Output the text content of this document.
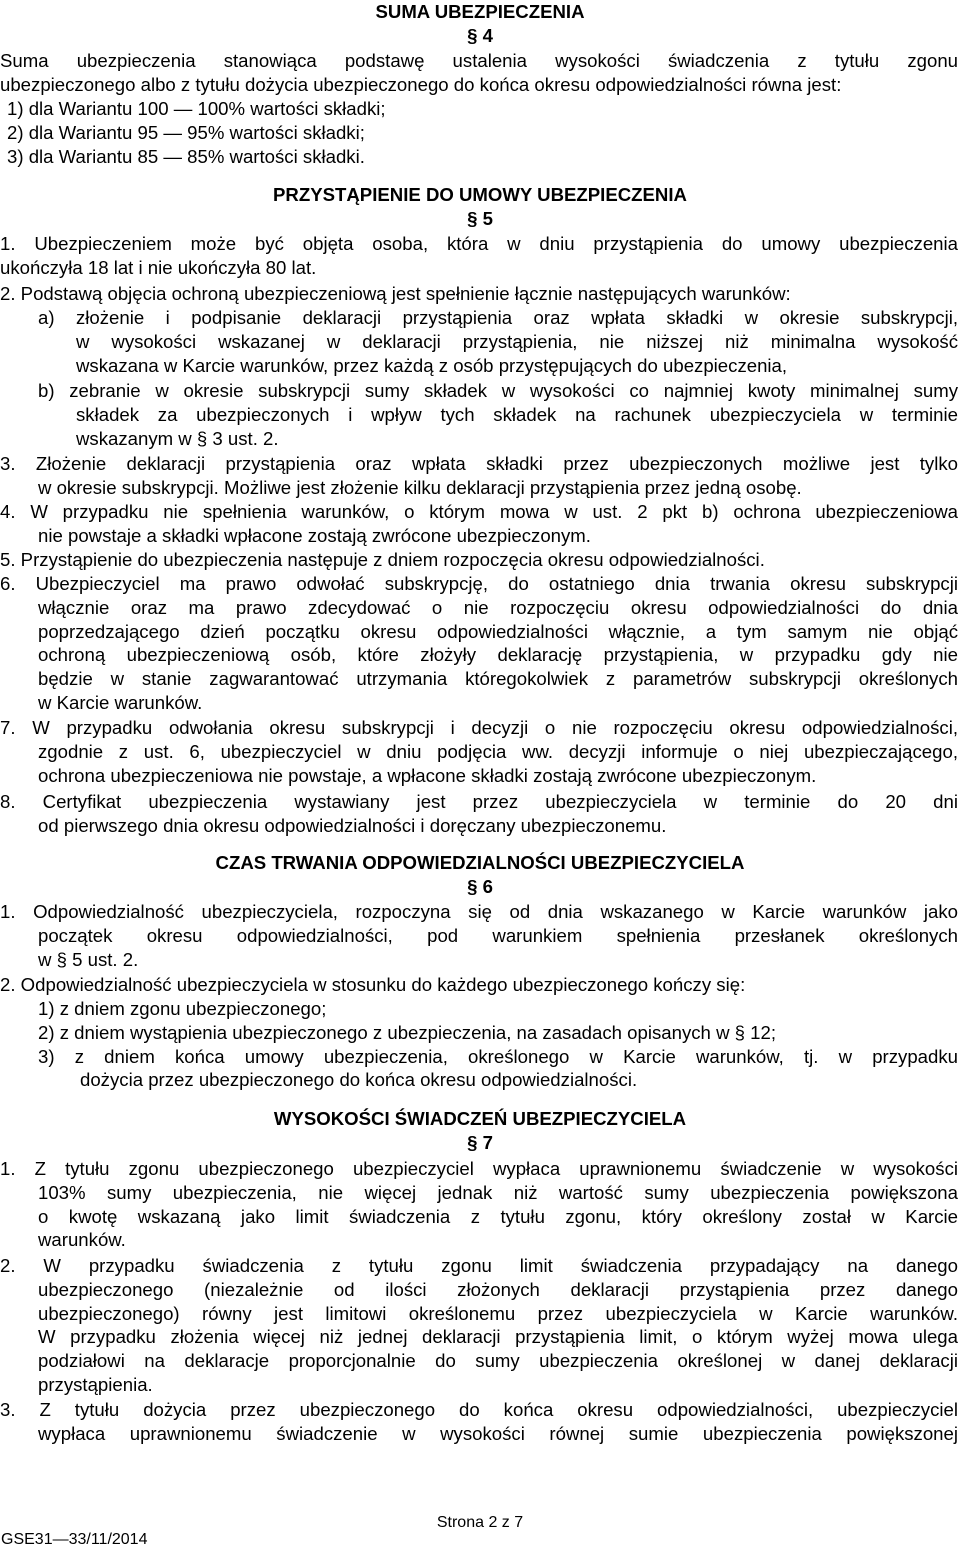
SUMA UBEZPIECZENIA
§ 4
Suma ubezpieczenia stanowiąca podstawę ustalenia wysokości świadczenia z tytułu zgonu
ubezpieczonego albo z tytułu dożycia ubezpieczonego do końca okresu odpowiedzialności równa jest:
1) dla Wariantu 100 — 100% wartości składki;
2) dla Wariantu 95 — 95% wartości składki;
3) dla Wariantu 85 — 85% wartości składki.
PRZYSTĄPIENIE DO UMOWY UBEZPIECZENIA
§ 5
1. Ubezpieczeniem może być objęta osoba, która w dniu przystąpienia do umowy ubezpieczenia
ukończyła 18 lat i nie ukończyła 80 lat.
2. Podstawą objęcia ochroną ubezpieczeniową jest spełnienie łącznie następujących warunków:
a) złożenie i podpisanie deklaracji przystąpienia oraz wpłata składki w okresie subskrypcji,
w wysokości wskazanej w deklaracji przystąpienia, nie niższej niż minimalna wysokość
wskazana w Karcie warunków, przez każdą z osób przystępujących do ubezpieczenia,
b) zebranie w okresie subskrypcji sumy składek w wysokości co najmniej kwoty minimalnej sumy
składek za ubezpieczonych i wpływ tych składek na rachunek ubezpieczyciela w terminie
wskazanym w § 3 ust. 2.
3. Złożenie deklaracji przystąpienia oraz wpłata składki przez ubezpieczonych możliwe jest tylko
w okresie subskrypcji. Możliwe jest złożenie kilku deklaracji przystąpienia przez jedną osobę.
4. W przypadku nie spełnienia warunków, o którym mowa w ust. 2 pkt b) ochrona ubezpieczeniowa
nie powstaje a składki wpłacone zostają zwrócone ubezpieczonym.
5. Przystąpienie do ubezpieczenia następuje z dniem rozpoczęcia okresu odpowiedzialności.
6. Ubezpieczyciel ma prawo odwołać subskrypcję, do ostatniego dnia trwania okresu subskrypcji
włącznie oraz ma prawo zdecydować o nie rozpoczęciu okresu odpowiedzialności do dnia
poprzedzającego dzień początku okresu odpowiedzialności włącznie, a tym samym nie objąć
ochroną ubezpieczeniową osób, które złożyły deklarację przystąpienia, w przypadku gdy nie
będzie w stanie zagwarantować utrzymania któregokolwiek z parametrów subskrypcji określonych
w Karcie warunków.
7. W przypadku odwołania okresu subskrypcji i decyzji o nie rozpoczęciu okresu odpowiedzialności,
zgodnie z ust. 6, ubezpieczyciel w dniu podjęcia ww. decyzji informuje o niej ubezpieczającego,
ochrona ubezpieczeniowa nie powstaje, a wpłacone składki zostają zwrócone ubezpieczonym.
8. Certyfikat ubezpieczenia wystawiany jest przez ubezpieczyciela w terminie do 20 dni
od pierwszego dnia okresu odpowiedzialności i doręczany ubezpieczonemu.
CZAS TRWANIA ODPOWIEDZIALNOŚCI UBEZPIECZYCIELA
§ 6
1. Odpowiedzialność ubezpieczyciela, rozpoczyna się od dnia wskazanego w Karcie warunków jako
początek okresu odpowiedzialności, pod warunkiem spełnienia przesłanek określonych
w § 5 ust. 2.
2. Odpowiedzialność ubezpieczyciela w stosunku do każdego ubezpieczonego kończy się:
1) z dniem zgonu ubezpieczonego;
2) z dniem wystąpienia ubezpieczonego z ubezpieczenia, na zasadach opisanych w § 12;
3) z dniem końca umowy ubezpieczenia, określonego w Karcie warunków, tj. w przypadku
dożycia przez ubezpieczonego do końca okresu odpowiedzialności.
WYSOKOŚCI ŚWIADCZEŃ UBEZPIECZYCIELA
§ 7
1. Z tytułu zgonu ubezpieczonego ubezpieczyciel wypłaca uprawnionemu świadczenie w wysokości
103% sumy ubezpieczenia, nie więcej jednak niż wartość sumy ubezpieczenia powiększona
o kwotę wskazaną jako limit świadczenia z tytułu zgonu, który określony został w Karcie
warunków.
2. W przypadku świadczenia z tytułu zgonu limit świadczenia przypadający na danego
ubezpieczonego (niezależnie od ilości złożonych deklaracji przystąpienia przez danego
ubezpieczonego) równy jest limitowi określonemu przez ubezpieczyciela w Karcie warunków.
W przypadku złożenia więcej niż jednej deklaracji przystąpienia limit, o którym wyżej mowa ulega
podziałowi na deklaracje proporcjonalnie do sumy ubezpieczenia określonej w danej deklaracji
przystąpienia.
3. Z tytułu dożycia przez ubezpieczonego do końca okresu odpowiedzialności, ubezpieczyciel
wypłaca uprawnionemu świadczenie w wysokości równej sumie ubezpieczenia powiększonej
Strona 2 z 7
GSE31—33/11/2014
